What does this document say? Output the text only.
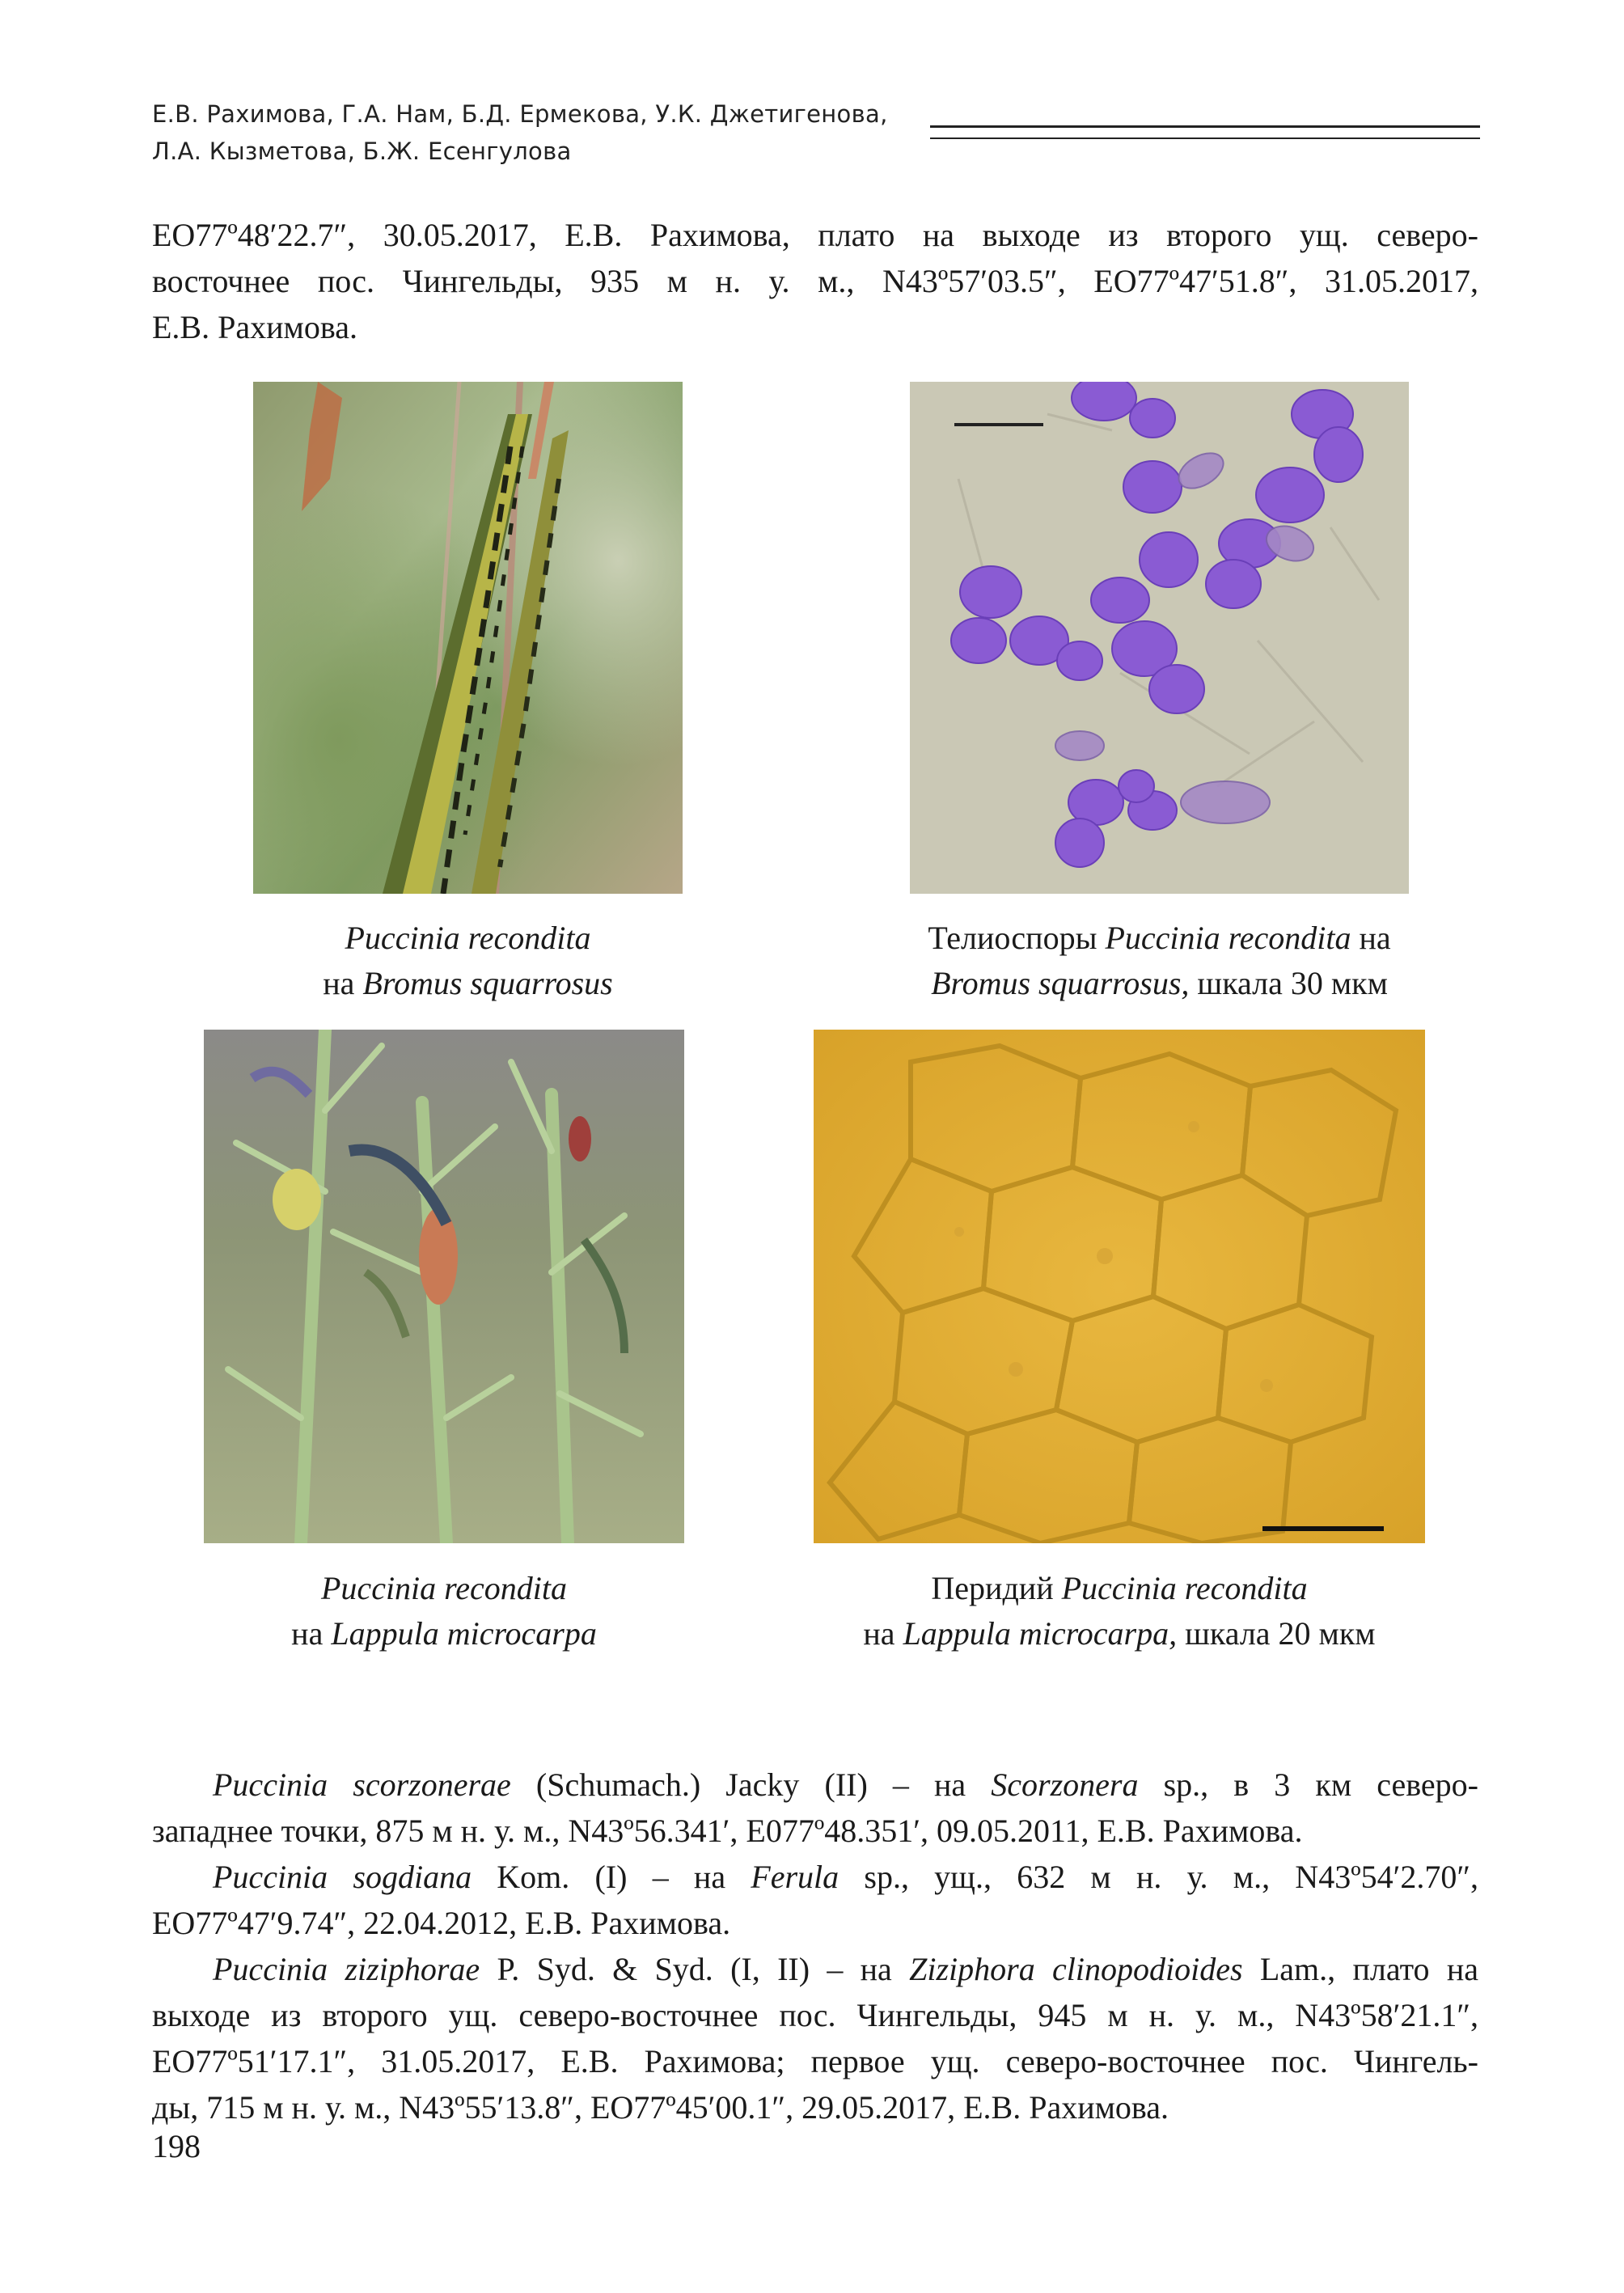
Е.В. Рахимова, Г.А. Нам, Б.Д. Ермекова, У.К. Джетигенова,
Л.А. Кызметова, Б.Ж. Есенгулова
ЕО77º48′22.7″, 30.05.2017, Е.В. Рахимова, плато на выходе из второго ущ. северо-
восточнее пос. Чингельды, 935 м н. у. м., N43º57′03.5″, ЕО77º47′51.8″, 31.05.2017,
Е.В. Рахимова.
Puccinia recondita
на Bromus squarrosus
Телиоспоры Puccinia recondita на
Bromus squarrosus, шкала 30 мкм
Puccinia recondita
на Lappula microcarpa
Перидий Puccinia recondita
на Lappula microcarpa, шкала 20 мкм
Puccinia scorzonerae (Schumach.) Jacky (II) – на Scorzonera sp., в 3 км северо-
западнее точки, 875 м н. у. м., N43º56.341′, E077º48.351′, 09.05.2011, Е.В. Рахимова.
Puccinia sogdiana Kom. (I) – на Ferula sp., ущ., 632 м н. у. м., N43º54′2.70″,
ЕО77º47′9.74″, 22.04.2012, Е.В. Рахимова.
Puccinia ziziphorae P. Syd. & Syd. (I, II) – на Ziziphora clinopodioides Lam., плато на
выходе из второго ущ. северо-восточнее пос. Чингельды, 945 м н. у. м., N43º58′21.1″,
ЕО77º51′17.1″, 31.05.2017, Е.В. Рахимова; первое ущ. северо-восточнее пос. Чингель-
ды, 715 м н. у. м., N43º55′13.8″, ЕО77º45′00.1″, 29.05.2017, Е.В. Рахимова.
198
